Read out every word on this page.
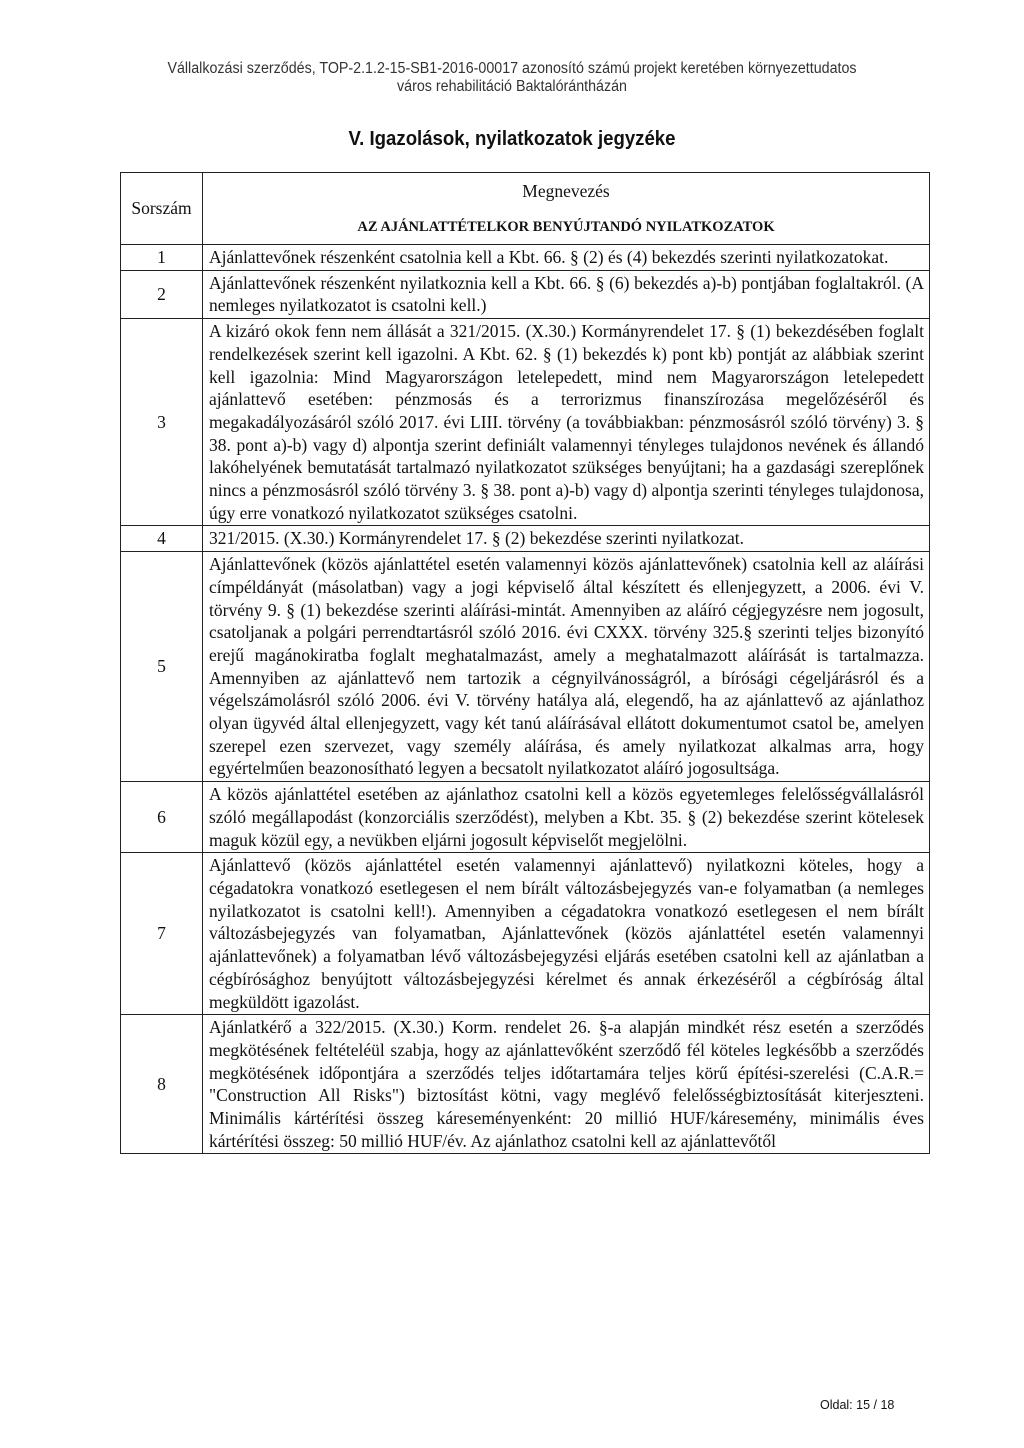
Vállalkozási szerződés, TOP-2.1.2-15-SB1-2016-00017 azonosító számú projekt keretében környezettudatos
város rehabilitáció Baktalórántházán
V. Igazolások, nyilatkozatok jegyzéke
Sorszám	Megnevezés
	AZ AJÁNLATTÉTELKOR BENYÚJTANDÓ NYILATKOZATOK
1	Ajánlattevőnek részenként csatolnia kell a Kbt. 66. § (2) és (4) bekezdés szerinti nyilatkozatokat.
2	Ajánlattevőnek részenként nyilatkoznia kell a Kbt. 66. § (6) bekezdés a)-b) pontjában foglaltakról. (A nemleges nyilatkozatot is csatolni kell.)
3	A kizáró okok fenn nem állását a 321/2015. (X.30.) Kormányrendelet 17. § (1) bekezdésében foglalt rendelkezések szerint kell igazolni. A Kbt. 62. § (1) bekezdés k) pont kb) pontját az alábbiak szerint kell igazolnia: Mind Magyarországon letelepedett, mind nem Magyarországon letelepedett ajánlattevő esetében: pénzmosás és a terrorizmus finanszírozása megelőzéséről és megakadályozásáról szóló 2017. évi LIII. törvény (a továbbiakban: pénzmosásról szóló törvény) 3. § 38. pont a)-b) vagy d) alpontja szerint definiált valamennyi tényleges tulajdonos nevének és állandó lakóhelyének bemutatását tartalmazó nyilatkozatot szükséges benyújtani; ha a gazdasági szereplőnek nincs a pénzmosásról szóló törvény 3. § 38. pont a)-b) vagy d) alpontja szerinti tényleges tulajdonosa, úgy erre vonatkozó nyilatkozatot szükséges csatolni.
4	321/2015. (X.30.) Kormányrendelet 17. § (2) bekezdése szerinti nyilatkozat.
5	Ajánlattevőnek (közös ajánlattétel esetén valamennyi közös ajánlattevőnek) csatolnia kell az aláírási címpéldányát (másolatban) vagy a jogi képviselő által készített és ellenjegyzett, a 2006. évi V. törvény 9. § (1) bekezdése szerinti aláírási-mintát. Amennyiben az aláíró cégjegyzésre nem jogosult, csatoljanak a polgári perrendtartásról szóló 2016. évi CXXX. törvény 325.§ szerinti teljes bizonyító erejű magánokiratba foglalt meghatalmazást, amely a meghatalmazott aláírását is tartalmazza. Amennyiben az ajánlattevő nem tartozik a cégnyilvánosságról, a bírósági cégeljárásról és a végelszámolásról szóló 2006. évi V. törvény hatálya alá, elegendő, ha az ajánlattevő az ajánlathoz olyan ügyvéd által ellenjegyzett, vagy két tanú aláírásával ellátott dokumentumot csatol be, amelyen szerepel ezen szervezet, vagy személy aláírása, és amely nyilatkozat alkalmas arra, hogy egyértelműen beazonosítható legyen a becsatolt nyilatkozatot aláíró jogosultsága.
6	A közös ajánlattétel esetében az ajánlathoz csatolni kell a közös egyetemleges felelősségvállalásról szóló megállapodást (konzorciális szerződést), melyben a Kbt. 35. § (2) bekezdése szerint kötelesek maguk közül egy, a nevükben eljárni jogosult képviselőt megjelölni.
7	Ajánlattevő (közös ajánlattétel esetén valamennyi ajánlattevő) nyilatkozni köteles, hogy a cégadatokra vonatkozó esetlegesen el nem bírált változásbejegyzés van-e folyamatban (a nemleges nyilatkozatot is csatolni kell!). Amennyiben a cégadatokra vonatkozó esetlegesen el nem bírált változásbejegyzés van folyamatban, Ajánlattevőnek (közös ajánlattétel esetén valamennyi ajánlattevőnek) a folyamatban lévő változásbejegyzési eljárás esetében csatolni kell az ajánlatban a cégbírósághoz benyújtott változásbejegyzési kérelmet és annak érkezéséről a cégbíróság által megküldött igazolást.
8	Ajánlatkérő a 322/2015. (X.30.) Korm. rendelet 26. §-a alapján mindkét rész esetén a szerződés megkötésének feltételéül szabja, hogy az ajánlattevőként szerződő fél köteles legkésőbb a szerződés megkötésének időpontjára a szerződés teljes időtartamára teljes körű építési-szerelési (C.A.R.= "Construction All Risks") biztosítást kötni, vagy meglévő felelősségbiztosítását kiterjeszteni. Minimális kártérítési összeg káreseményenként: 20 millió HUF/káresemény, minimális éves kártérítési összeg: 50 millió HUF/év. Az ajánlathoz csatolni kell az ajánlattevőtől
Oldal: 15 / 18
